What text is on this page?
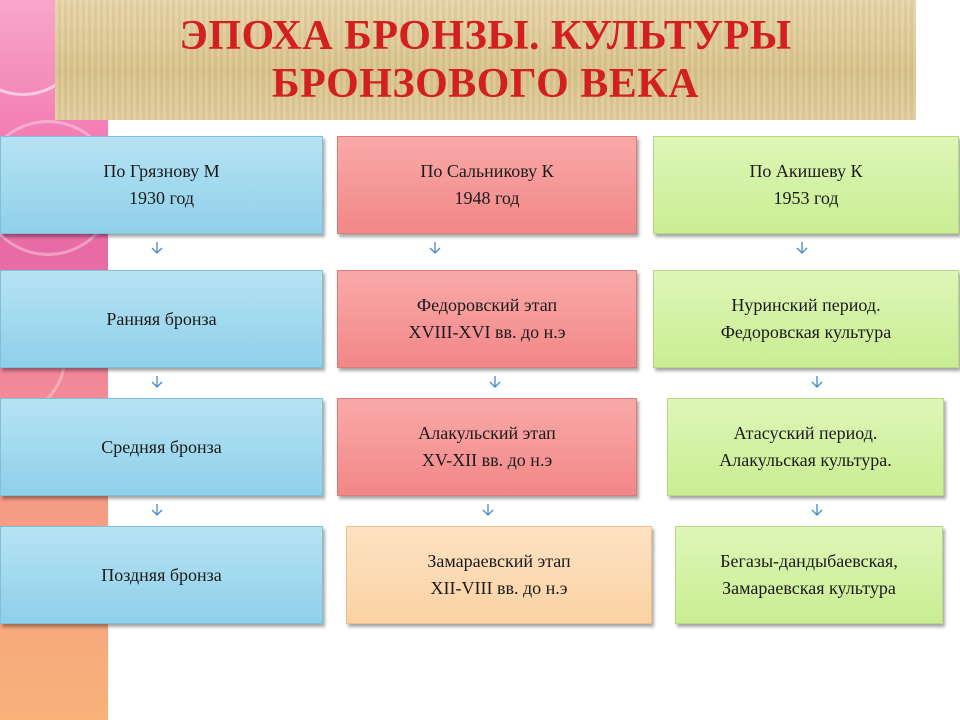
ЭПОХА БРОНЗЫ. КУЛЬТУРЫ
БРОНЗОВОГО ВЕКА
По Грязнову М
1930 год
Ранняя бронза
Средняя бронза
Поздняя бронза
По Сальникову К
1948 год
Федоровский этап
XVIII-XVI вв. до н.э
Алакульский этап
XV-XII вв. до н.э
Замараевский этап
XII-VIII вв. до н.э
По Акишеву К
1953 год
Нуринский период.
Федоровская культура
Атасуский период.
Алакульская культура.
Бегазы-дандыбаевская,
Замараевская культура
